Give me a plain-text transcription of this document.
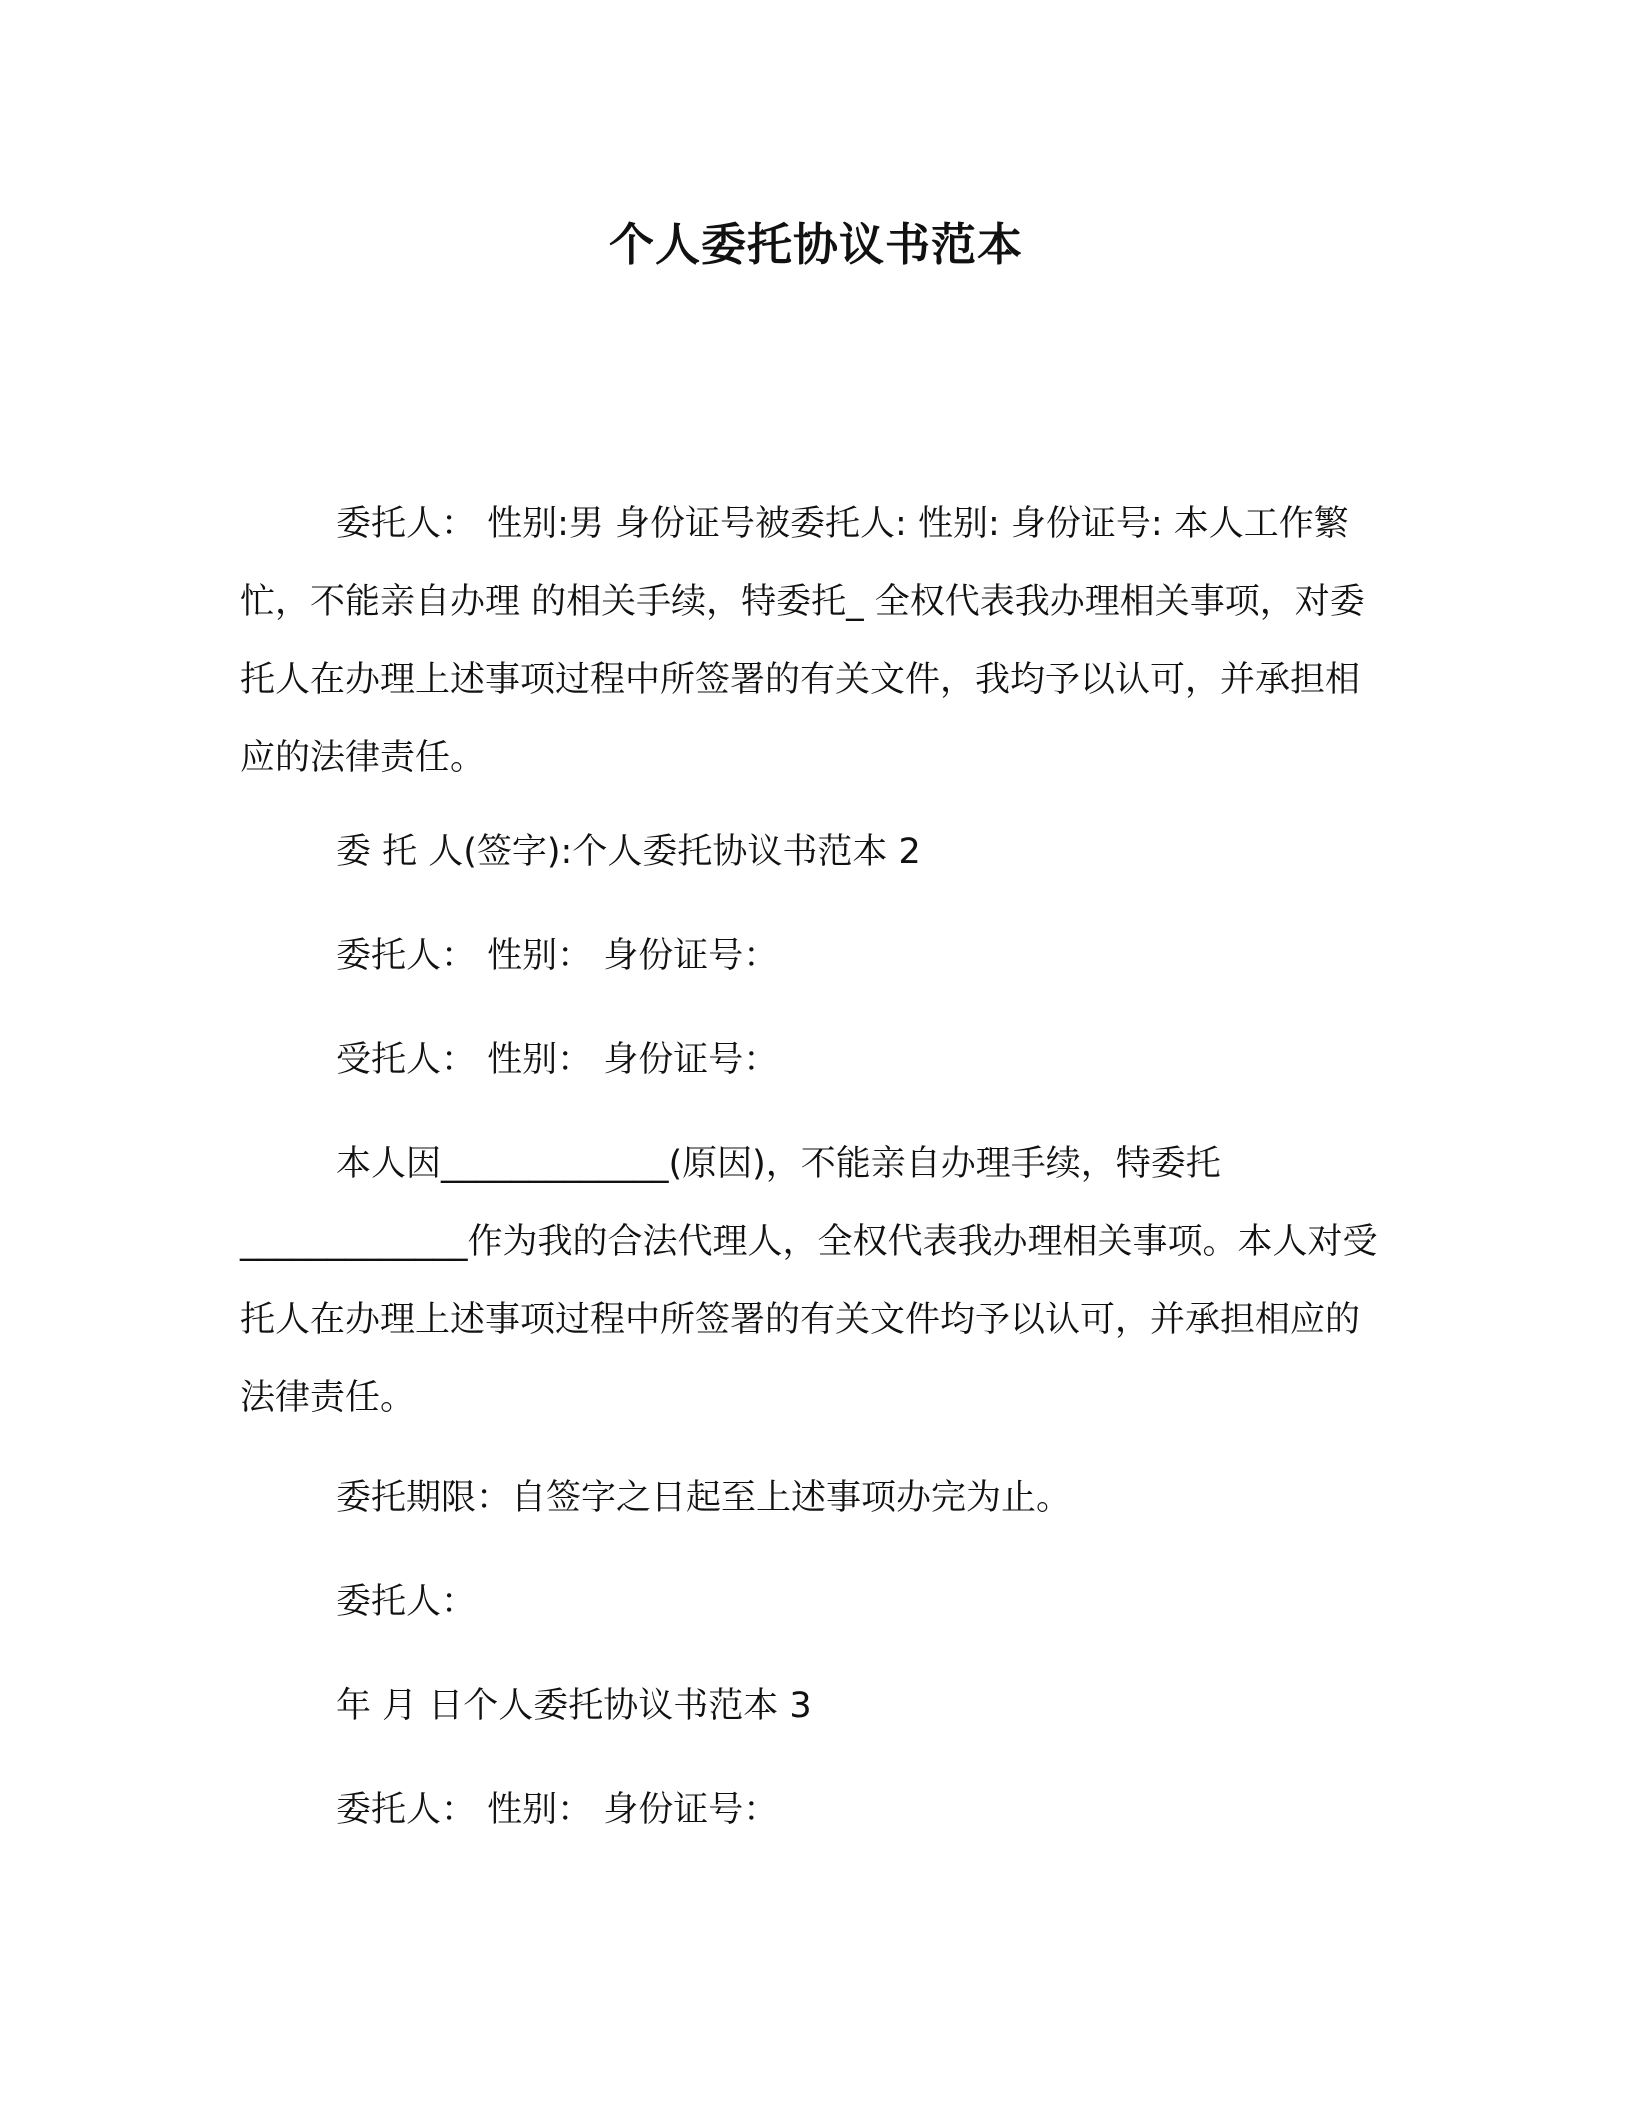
个人委托协议书范本

委托人： 性别:男 身份证号被委托人: 性别: 身份证号: 本人工作繁忙，不能亲自办理 的相关手续，特委托_ 全权代表我办理相关事项，对委托人在办理上述事项过程中所签署的有关文件，我均予以认可，并承担相应的法律责任。

委 托 人(签字):个人委托协议书范本 2

委托人： 性别： 身份证号：

受托人： 性别： 身份证号：

本人因_____________(原因)，不能亲自办理手续，特委托_____________作为我的合法代理人，全权代表我办理相关事项。本人对受托人在办理上述事项过程中所签署的有关文件均予以认可，并承担相应的法律责任。

委托期限：自签字之日起至上述事项办完为止。

委托人：

年 月 日个人委托协议书范本 3

委托人： 性别： 身份证号：
